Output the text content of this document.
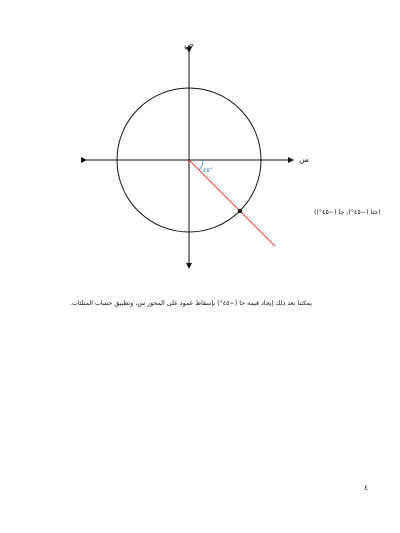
ص
س
°٤٥
(جتا (−٤٥°)، جا (−٤٥°))

يمكننا بعد ذلك إيجاد قيمة جا (−٤٥°) بإسقاط عمود على المحور س، وتطبيق حساب المثلثات.

٤
